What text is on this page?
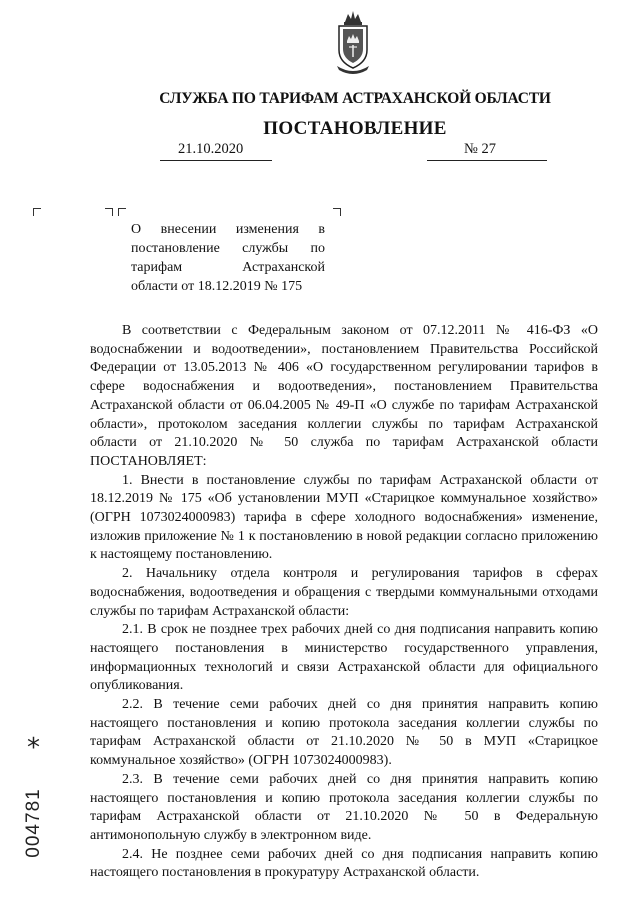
СЛУЖБА ПО ТАРИФАМ АСТРАХАНСКОЙ ОБЛАСТИ
ПОСТАНОВЛЕНИЕ
21.10.2020	№ 27
О внесении изменения в
постановление службы по
тарифам Астраханской
области от 18.12.2019 № 175

В соответствии с Федеральным законом от 07.12.2011 № 416-ФЗ «О водоснабжении и водоотведении», постановлением Правительства Российской Федерации от 13.05.2013 № 406 «О государственном регулировании тарифов в сфере водоснабжения и водоотведения», постановлением Правительства Астраханской области от 06.04.2005 № 49-П «О службе по тарифам Астраханской области», протоколом заседания коллегии службы по тарифам Астраханской области от 21.10.2020 № 50 служба по тарифам Астраханской области ПОСТАНОВЛЯЕТ:

1. Внести в постановление службы по тарифам Астраханской области от 18.12.2019 № 175 «Об установлении МУП «Старицкое коммунальное хозяйство» (ОГРН 1073024000983) тарифа в сфере холодного водоснабжения» изменение, изложив приложение № 1 к постановлению в новой редакции согласно приложению к настоящему постановлению.

2. Начальнику отдела контроля и регулирования тарифов в сферах водоснабжения, водоотведения и обращения с твердыми коммунальными отходами службы по тарифам Астраханской области:

2.1. В срок не позднее трех рабочих дней со дня подписания направить копию настоящего постановления в министерство государственного управления, информационных технологий и связи Астраханской области для официального опубликования.

2.2. В течение семи рабочих дней со дня принятия направить копию настоящего постановления и копию протокола заседания коллегии службы по тарифам Астраханской области от 21.10.2020 № 50 в МУП «Старицкое коммунальное хозяйство» (ОГРН 1073024000983).

2.3. В течение семи рабочих дней со дня принятия направить копию настоящего постановления и копию протокола заседания коллегии службы по тарифам Астраханской области от 21.10.2020 № 50 в Федеральную антимонопольную службу в электронном виде.

2.4. Не позднее семи рабочих дней со дня подписания направить копию настоящего постановления в прокуратуру Астраханской области.

*
004781
